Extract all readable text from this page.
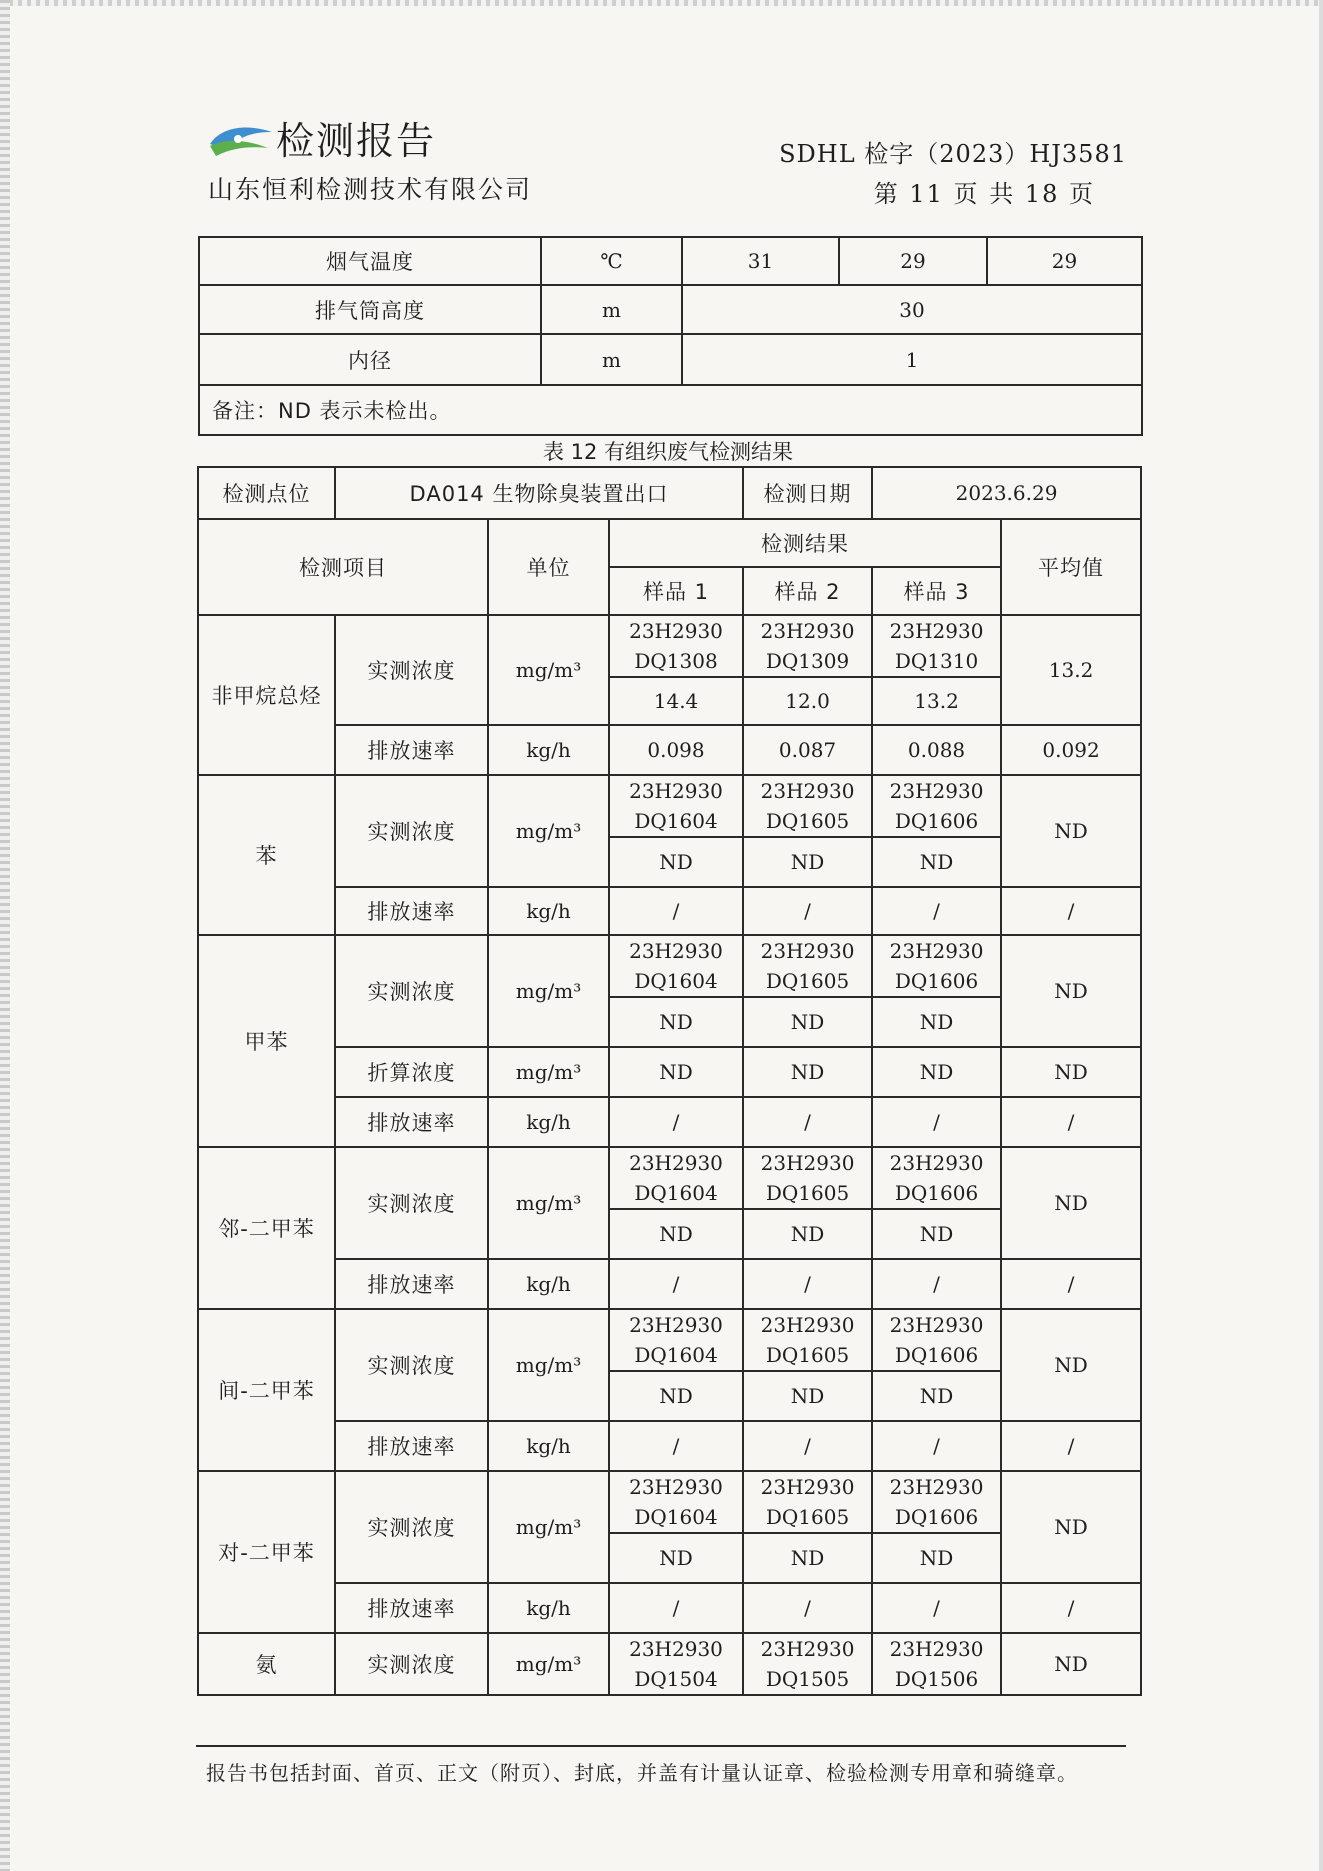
检测报告
山东恒利检测技术有限公司
SDHL 检字（2023）HJ3581
第 11 页 共 18 页
烟气温度	℃	31	29	29
排气筒高度	m	30		
内径	m	1		
备注：ND 表示未检出。				
表 12 有组织废气检测结果
检测点位	DA014 生物除臭装置出口			检测日期	2023.6.29	
检测项目		单位	检测结果			平均值
			样品 1	样品 2	样品 3	
非甲烷总烃	实测浓度	mg/m³	23H2930 DQ1308	23H2930 DQ1309	23H2930 DQ1310	13.2
			14.4	12.0	13.2	
	排放速率	kg/h	0.098	0.087	0.088	0.092
苯	实测浓度	mg/m³	23H2930 DQ1604	23H2930 DQ1605	23H2930 DQ1606	ND
			ND	ND	ND	
	排放速率	kg/h	/	/	/	/
甲苯	实测浓度	mg/m³	23H2930 DQ1604	23H2930 DQ1605	23H2930 DQ1606	ND
			ND	ND	ND	
	折算浓度	mg/m³	ND	ND	ND	ND
	排放速率	kg/h	/	/	/	/
邻-二甲苯	实测浓度	mg/m³	23H2930 DQ1604	23H2930 DQ1605	23H2930 DQ1606	ND
			ND	ND	ND	
	排放速率	kg/h	/	/	/	/
间-二甲苯	实测浓度	mg/m³	23H2930 DQ1604	23H2930 DQ1605	23H2930 DQ1606	ND
			ND	ND	ND	
	排放速率	kg/h	/	/	/	/
对-二甲苯	实测浓度	mg/m³	23H2930 DQ1604	23H2930 DQ1605	23H2930 DQ1606	ND
			ND	ND	ND	
	排放速率	kg/h	/	/	/	/
氨	实测浓度	mg/m³	23H2930 DQ1504	23H2930 DQ1505	23H2930 DQ1506	ND
报告书包括封面、首页、正文（附页）、封底，并盖有计量认证章、检验检测专用章和骑缝章。
